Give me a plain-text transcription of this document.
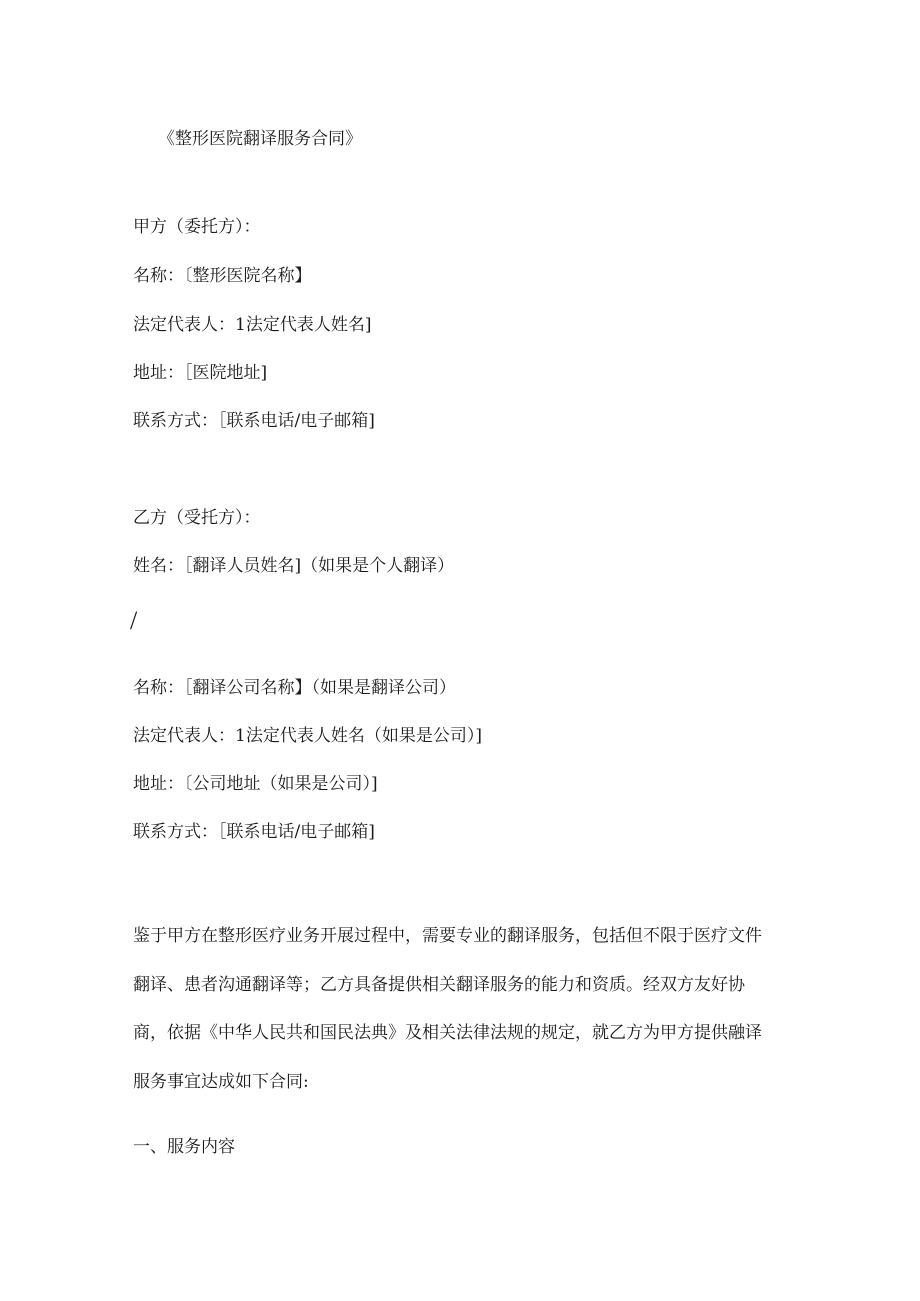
《整形医院翻译服务合同》
甲方（委托方）：
名称：〔整形医院名称】
法定代表人：1法定代表人姓名]
地址：［医院地址]
联系方式：［联系电话/电子邮箱]
乙方（受托方）：
姓名：［翻译人员姓名]（如果是个人翻译）
/
名称：［翻译公司名称】（如果是翻译公司）
法定代表人：1法定代表人姓名（如果是公司）]
地址：〔公司地址（如果是公司）]
联系方式：［联系电话/电子邮箱]
鉴于甲方在整形医疗业务开展过程中，需要专业的翻译服务，包括但不限于医疗文件
翻译、患者沟通翻译等；乙方具备提供相关翻译服务的能力和资质。经双方友好协
商，依据《中华人民共和国民法典》及相关法律法规的规定，就乙方为甲方提供融译
服务事宜达成如下合同:
一、服务内容
